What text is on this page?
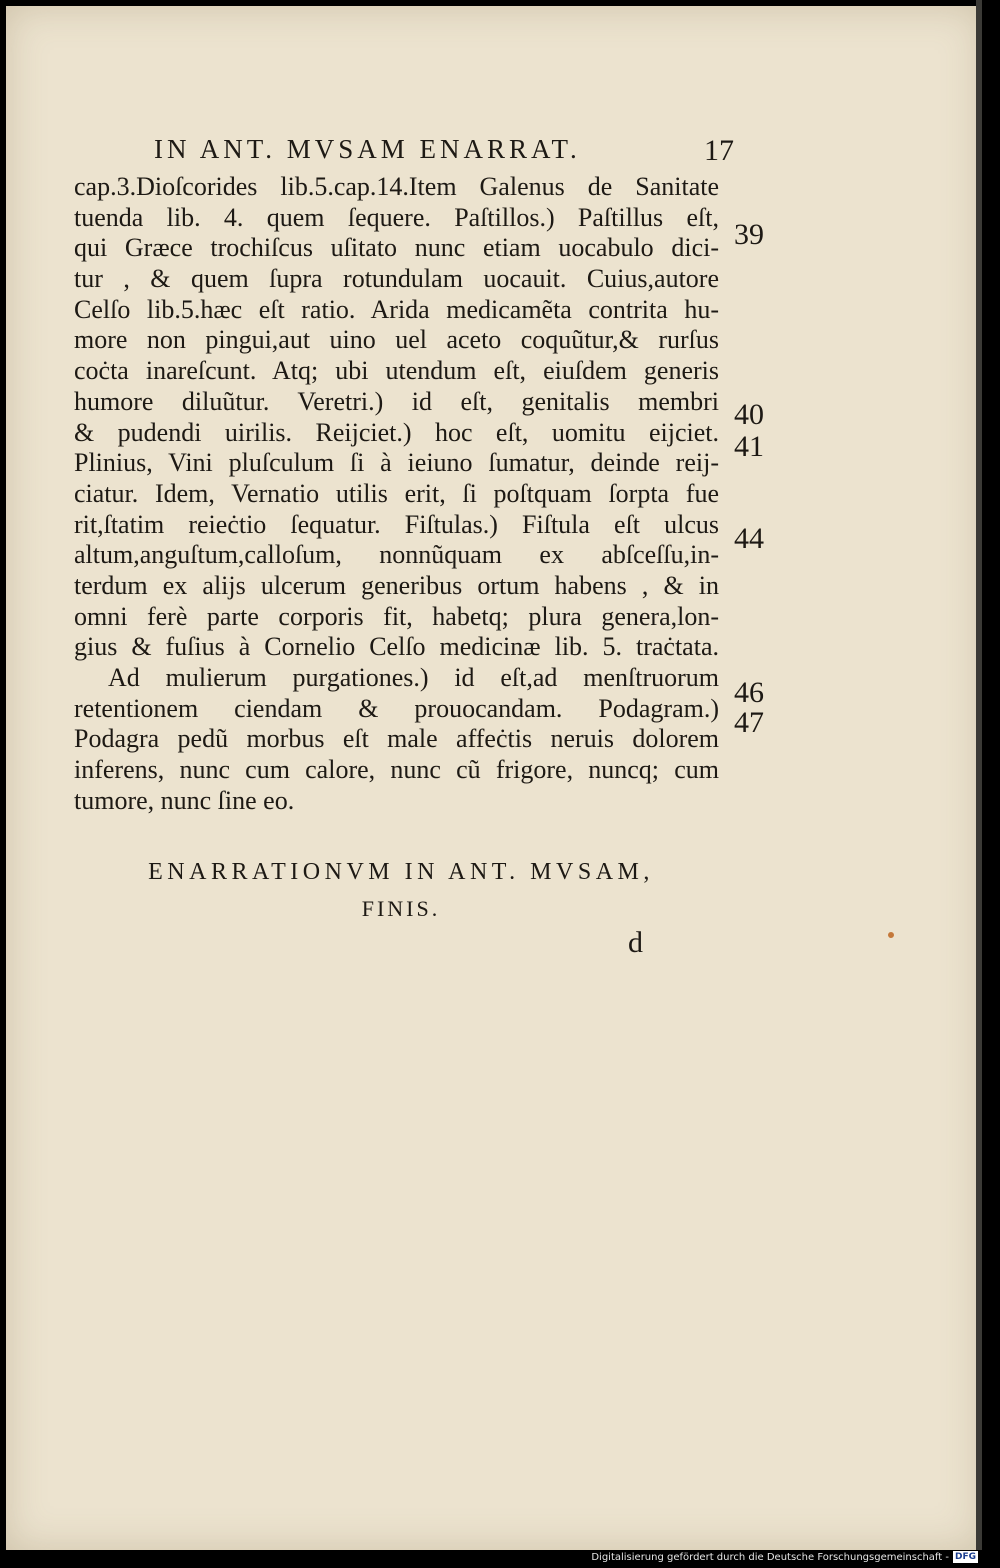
IN ANT. MVSAM ENARRAT.	17
cap.3.Dioſcorides lib.5.cap.14.Item Galenus de Sanitate
tuenda lib. 4. quem ſequere. Paſtillos.) Paſtillus eſt,
qui Græce trochiſcus uſitato nunc etiam uocabulo dici-
tur , & quem ſupra rotundulam uocauit. Cuius,autore
Celſo lib.5.hæc eſt ratio. Arida medicamẽta contrita hu-
more non pingui,aut uino uel aceto coquũtur,& rurſus
coċta inareſcunt. Atq; ubi utendum eſt, eiuſdem generis
humore diluũtur. Veretri.) id eſt, genitalis membri
& pudendi uirilis. Reijciet.) hoc eſt, uomitu eijciet.
Plinius, Vini pluſculum ſi à ieiuno ſumatur, deinde reij-
ciatur. Idem, Vernatio utilis erit, ſi poſtquam ſorpta fue
rit,ſtatim reieċtio ſequatur. Fiſtulas.) Fiſtula eſt ulcus
altum,anguſtum,calloſum, nonnũquam ex abſceſſu,in-
terdum ex alijs ulcerum generibus ortum habens , & in
omni ferè parte corporis fit, habetq; plura genera,lon-
gius & fuſius à Cornelio Celſo medicinæ lib. 5. traċtata.
Ad mulierum purgationes.) id eſt,ad menſtruorum
retentionem ciendam & prouocandam. Podagram.)
Podagra pedũ morbus eſt male affeċtis neruis dolorem
inferens, nunc cum calore, nunc cũ frigore, nuncq; cum
tumore, nunc ſine eo.
39
40
41
44
46
47
ENARRATIONVM IN ANT. MVSAM,
FINIS.
d
Digitalisierung gefördert durch die Deutsche Forschungsgemeinschaft - DFG
